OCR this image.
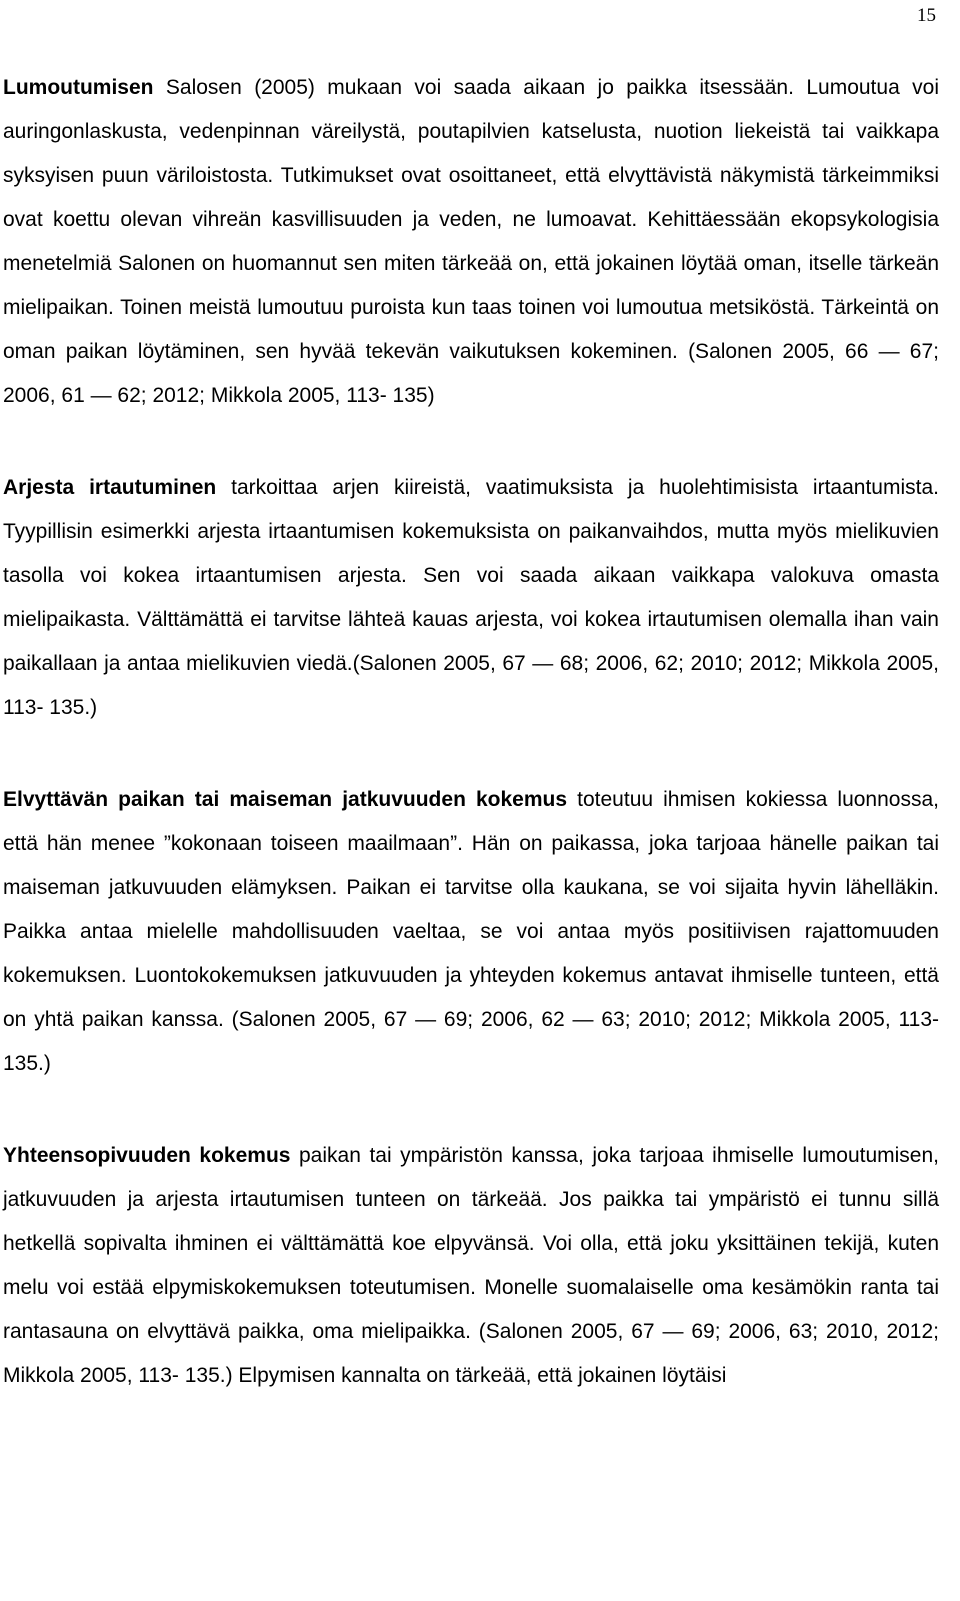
15

Lumoutumisen Salosen (2005) mukaan voi saada aikaan jo paikka itsessään. Lumoutua voi auringonlaskusta, vedenpinnan väreilystä, poutapilvien katselusta, nuotion liekeistä tai vaikkapa syksyisen puun väriloistosta. Tutkimukset ovat osoittaneet, että elvyttävistä näkymistä tärkeimmiksi ovat koettu olevan vihreän kasvillisuuden ja veden, ne lumoavat. Kehittäessään ekopsykologisia menetelmiä Salonen on huomannut sen miten tärkeää on, että jokainen löytää oman, itselle tärkeän mielipaikan. Toinen meistä lumoutuu puroista kun taas toinen voi lumoutua metsiköstä. Tärkeintä on oman paikan löytäminen, sen hyvää tekevän vaikutuksen kokeminen. (Salonen 2005, 66 — 67; 2006, 61 — 62; 2012; Mikkola 2005, 113- 135)

Arjesta irtautuminen tarkoittaa arjen kiireistä, vaatimuksista ja huolehtimisista irtaantumista. Tyypillisin esimerkki arjesta irtaantumisen kokemuksista on paikanvaihdos, mutta myös mielikuvien tasolla voi kokea irtaantumisen arjesta. Sen voi saada aikaan vaikkapa valokuva omasta mielipaikasta. Välttämättä ei tarvitse lähteä kauas arjesta, voi kokea irtautumisen olemalla ihan vain paikallaan ja antaa mielikuvien viedä.(Salonen 2005, 67 — 68; 2006, 62; 2010; 2012; Mikkola 2005, 113- 135.)

Elvyttävän paikan tai maiseman jatkuvuuden kokemus toteutuu ihmisen kokiessa luonnossa, että hän menee ”kokonaan toiseen maailmaan”. Hän on paikassa, joka tarjoaa hänelle paikan tai maiseman jatkuvuuden elämyksen. Paikan ei tarvitse olla kaukana, se voi sijaita hyvin lähelläkin. Paikka antaa mielelle mahdollisuuden vaeltaa, se voi antaa myös positiivisen rajattomuuden kokemuksen. Luontokokemuksen jatkuvuuden ja yhteyden kokemus antavat ihmiselle tunteen, että on yhtä paikan kanssa. (Salonen 2005, 67 — 69; 2006, 62 — 63; 2010; 2012; Mikkola 2005, 113- 135.)

Yhteensopivuuden kokemus paikan tai ympäristön kanssa, joka tarjoaa ihmiselle lumoutumisen, jatkuvuuden ja arjesta irtautumisen tunteen on tärkeää. Jos paikka tai ympäristö ei tunnu sillä hetkellä sopivalta ihminen ei välttämättä koe elpyvänsä. Voi olla, että joku yksittäinen tekijä, kuten melu voi estää elpymiskokemuksen toteutumisen. Monelle suomalaiselle oma kesämökin ranta tai rantasauna on elvyttävä paikka, oma mielipaikka. (Salonen 2005, 67 — 69; 2006, 63; 2010, 2012; Mikkola 2005, 113- 135.) Elpymisen kannalta on tärkeää, että jokainen löytäisi
